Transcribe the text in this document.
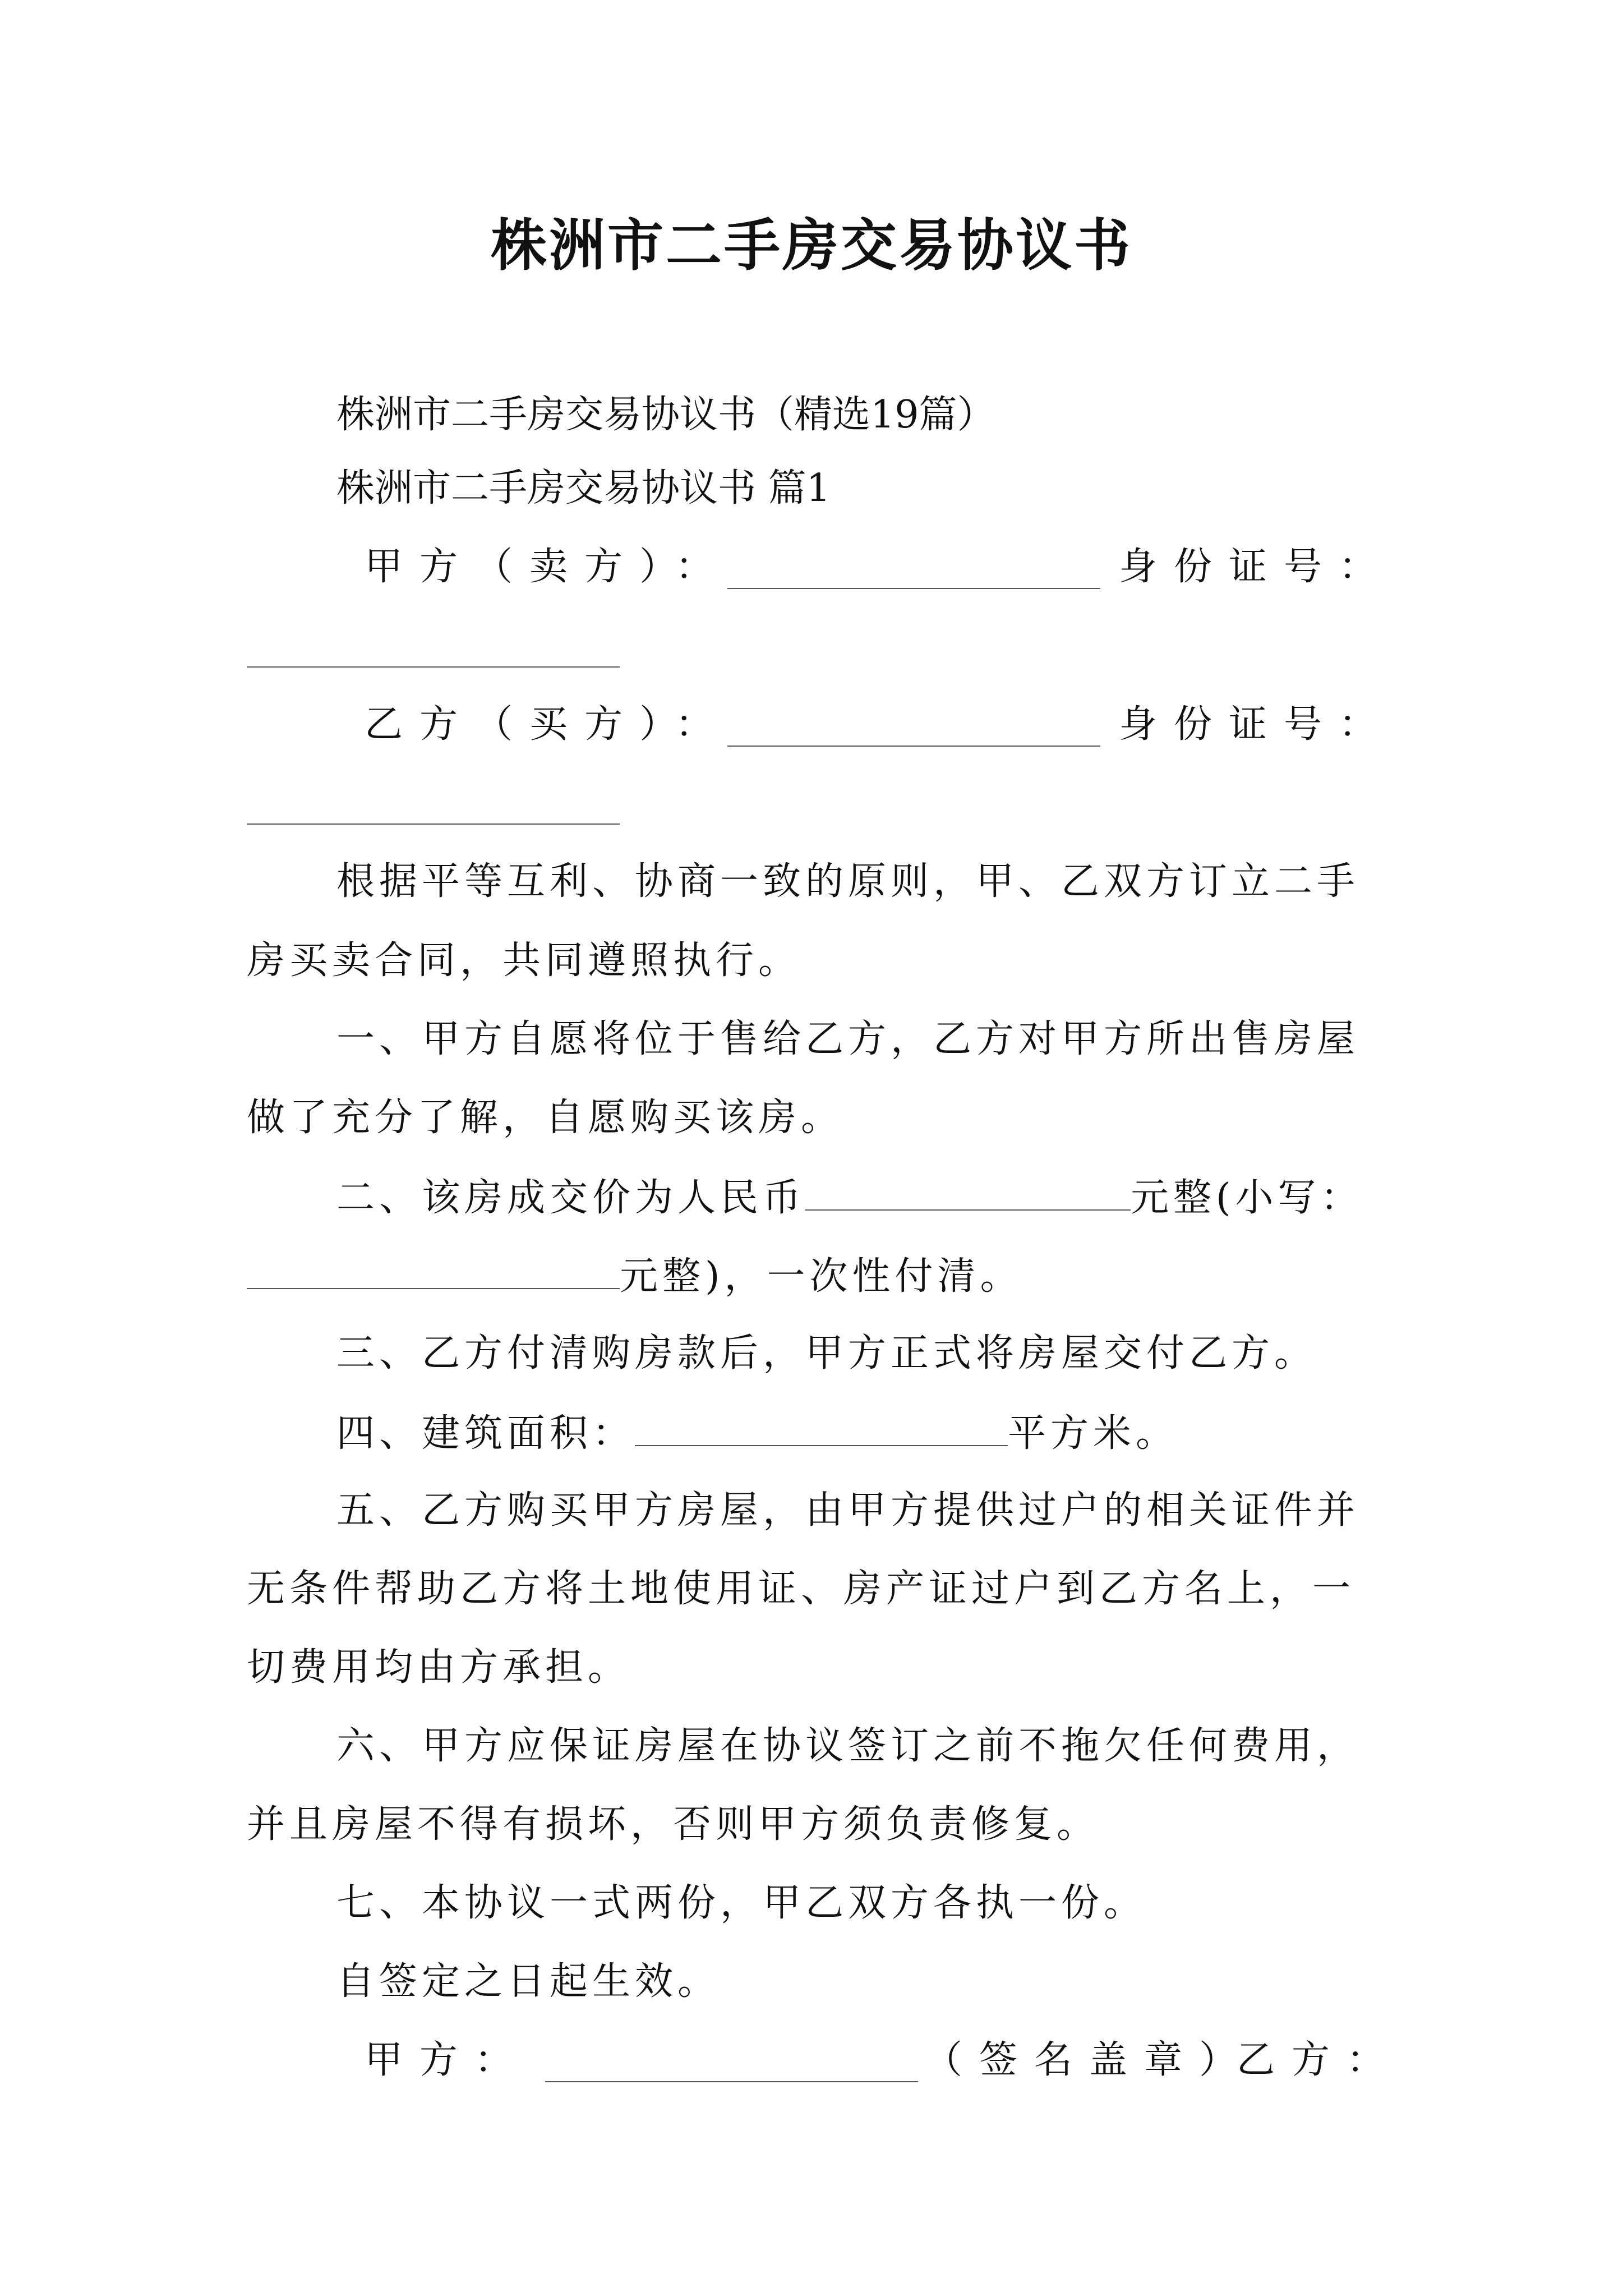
株洲市二手房交易协议书
株洲市二手房交易协议书（精选19篇）
株洲市二手房交易协议书 篇1
甲方（卖方）：	身份证号：
乙方（买方）：	身份证号：
根据平等互利、协商一致的原则，甲、乙双方订立二手
房买卖合同，共同遵照执行。
一、甲方自愿将位于售给乙方，乙方对甲方所出售房屋
做了充分了解，自愿购买该房。
二、该房成交价为人民币	元整(小写：
元整)，一次性付清。
三、乙方付清购房款后，甲方正式将房屋交付乙方。
四、建筑面积：	平方米。
五、乙方购买甲方房屋，由甲方提供过户的相关证件并
无条件帮助乙方将土地使用证、房产证过户到乙方名上，一
切费用均由方承担。
六、甲方应保证房屋在协议签订之前不拖欠任何费用，
并且房屋不得有损坏，否则甲方须负责修复。
七、本协议一式两份，甲乙双方各执一份。
自签定之日起生效。
甲方：	（签名盖章）
乙方：
